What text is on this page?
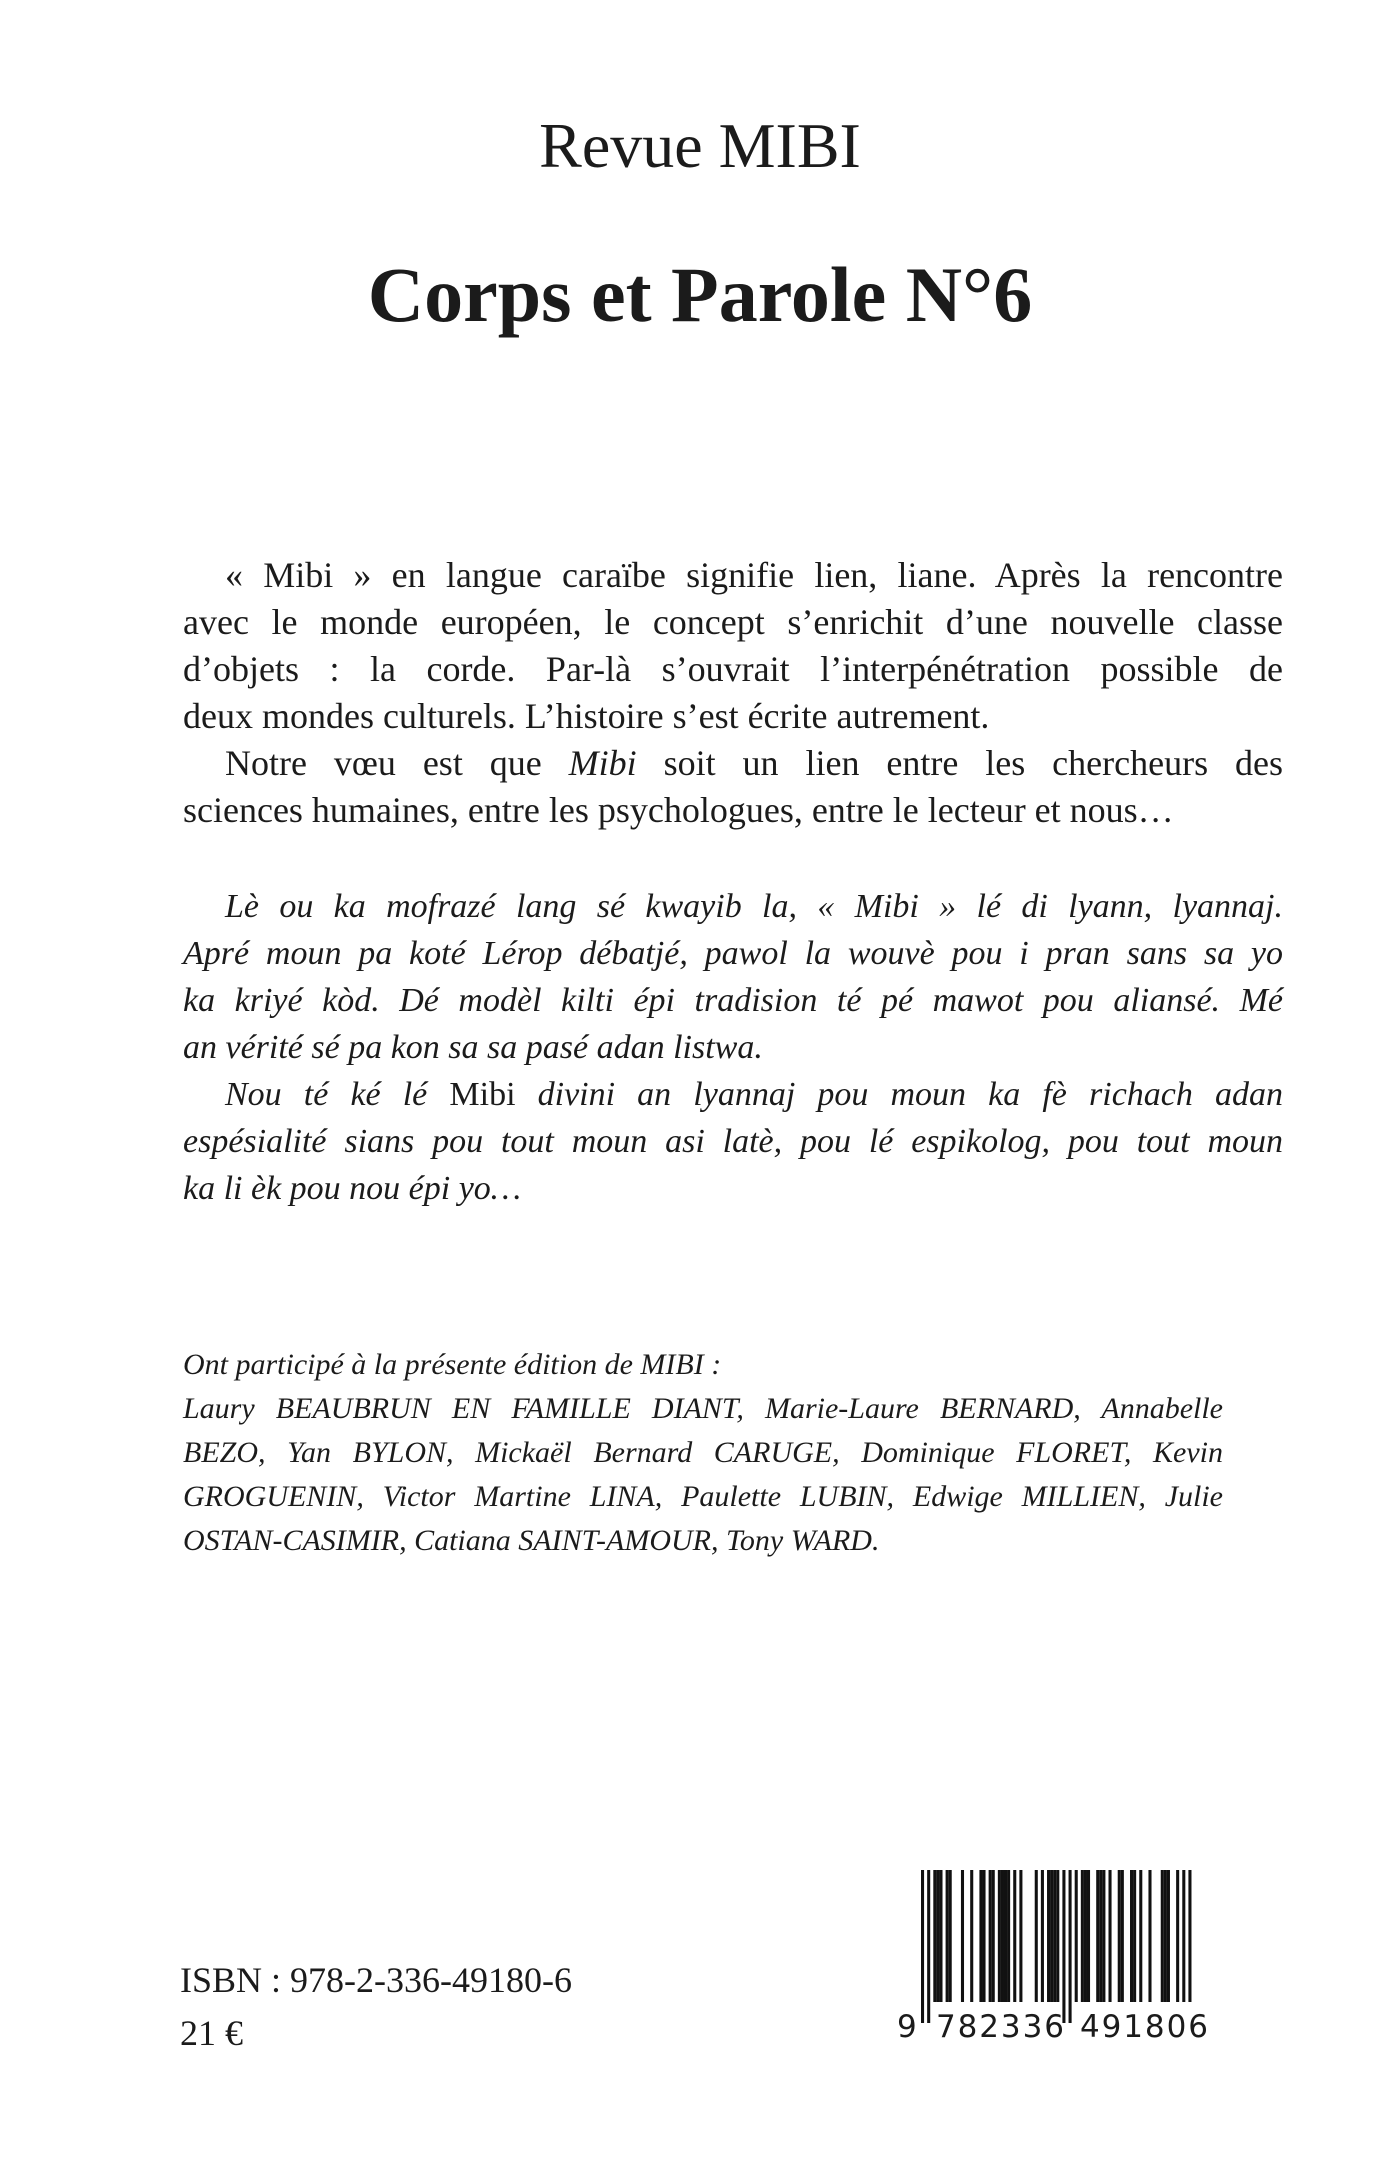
Revue MIBI
Corps et Parole N°6
« Mibi » en langue caraïbe signifie lien, liane. Après la rencontre
avec le monde européen, le concept s’enrichit d’une nouvelle classe
d’objets : la corde. Par-là s’ouvrait l’interpénétration possible de
deux mondes culturels. L’histoire s’est écrite autrement.
Notre vœu est que Mibi soit un lien entre les chercheurs des
sciences humaines, entre les psychologues, entre le lecteur et nous…
Lè ou ka mofrazé lang sé kwayib la, « Mibi » lé di lyann, lyannaj.
Apré moun pa koté Lérop débatjé, pawol la wouvè pou i pran sans sa yo
ka kriyé kòd. Dé modèl kilti épi tradision té pé mawot pou aliansé. Mé
an vérité sé pa kon sa sa pasé adan listwa.
Nou té ké lé Mibi divini an lyannaj pou moun ka fè richach adan
espésialité sians pou tout moun asi latè, pou lé espikolog, pou tout moun
ka li èk pou nou épi yo…
Ont participé à la présente édition de MIBI :
Laury BEAUBRUN EN FAMILLE DIANT, Marie-Laure BERNARD, Annabelle
BEZO, Yan BYLON, Mickaël Bernard CARUGE, Dominique FLORET, Kevin
GROGUENIN, Victor Martine LINA, Paulette LUBIN, Edwige MILLIEN, Julie
OSTAN-CASIMIR, Catiana SAINT-AMOUR, Tony WARD.
ISBN : 978-2-336-49180-6
21 €	9 7 8 2 3 3 6 4 9 1 8 0 6
